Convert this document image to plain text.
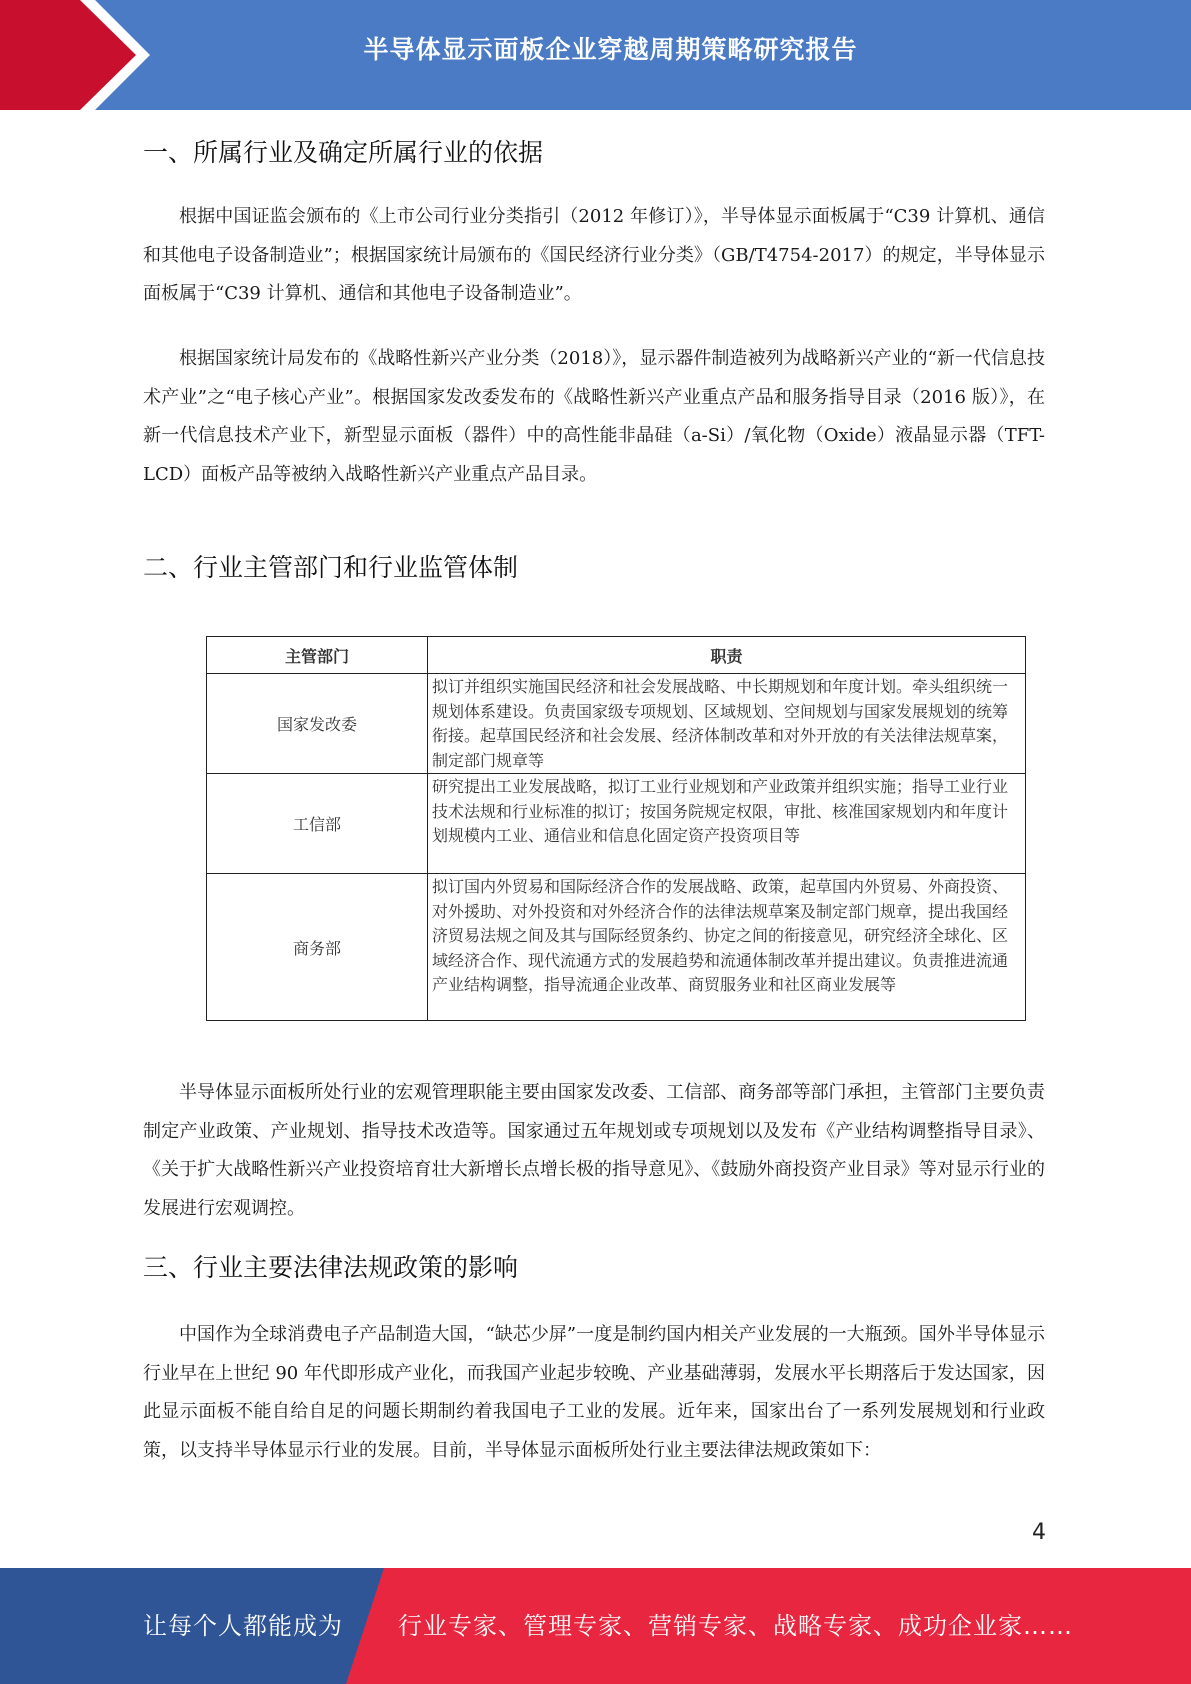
半导体显示面板企业穿越周期策略研究报告
一、所属行业及确定所属行业的依据

根据中国证监会颁布的《上市公司行业分类指引（2012 年修订）》，半导体显示面板属于“C39 计算机、通信和其他电子设备制造业”；根据国家统计局颁布的《国民经济行业分类》（GB/T4754-2017）的规定，半导体显示面板属于“C39 计算机、通信和其他电子设备制造业”。

根据国家统计局发布的《战略性新兴产业分类（2018）》，显示器件制造被列为战略新兴产业的“新一代信息技术产业”之“电子核心产业”。根据国家发改委发布的《战略性新兴产业重点产品和服务指导目录（2016 版）》，在新一代信息技术产业下，新型显示面板（器件）中的高性能非晶硅（a-Si）/氧化物（Oxide）液晶显示器（TFT-LCD）面板产品等被纳入战略性新兴产业重点产品目录。

二、行业主管部门和行业监管体制

半导体显示面板所处行业的宏观管理职能主要由国家发改委、工信部、商务部等部门承担，主管部门主要负责制定产业政策、产业规划、指导技术改造等。国家通过五年规划或专项规划以及发布《产业结构调整指导目录》、《关于扩大战略性新兴产业投资培育壮大新增长点增长极的指导意见》、《鼓励外商投资产业目录》等对显示行业的发展进行宏观调控。

三、行业主要法律法规政策的影响

中国作为全球消费电子产品制造大国，“缺芯少屏”一度是制约国内相关产业发展的一大瓶颈。国外半导体显示行业早在上世纪 90 年代即形成产业化，而我国产业起步较晚、产业基础薄弱，发展水平长期落后于发达国家，因此显示面板不能自给自足的问题长期制约着我国电子工业的发展。近年来，国家出台了一系列发展规划和行业政策，以支持半导体显示行业的发展。目前，半导体显示面板所处行业主要法律法规政策如下：

主管部门	职责
国家发改委	拟订并组织实施国民经济和社会发展战略、中长期规划和年度计划。牵头组织统一规划体系建设。负责国家级专项规划、区域规划、空间规划与国家发展规划的统筹衔接。起草国民经济和社会发展、经济体制改革和对外开放的有关法律法规草案，制定部门规章等
工信部	研究提出工业发展战略，拟订工业行业规划和产业政策并组织实施；指导工业行业技术法规和行业标准的拟订；按国务院规定权限，审批、核准国家规划内和年度计划规模内工业、通信业和信息化固定资产投资项目等
商务部	拟订国内外贸易和国际经济合作的发展战略、政策，起草国内外贸易、外商投资、对外援助、对外投资和对外经济合作的法律法规草案及制定部门规章，提出我国经济贸易法规之间及其与国际经贸条约、协定之间的衔接意见，研究经济全球化、区域经济合作、现代流通方式的发展趋势和流通体制改革并提出建议。负责推进流通产业结构调整，指导流通企业改革、商贸服务业和社区商业发展等
4
让每个人都能成为 行业专家、管理专家、营销专家、战略专家、成功企业家……
